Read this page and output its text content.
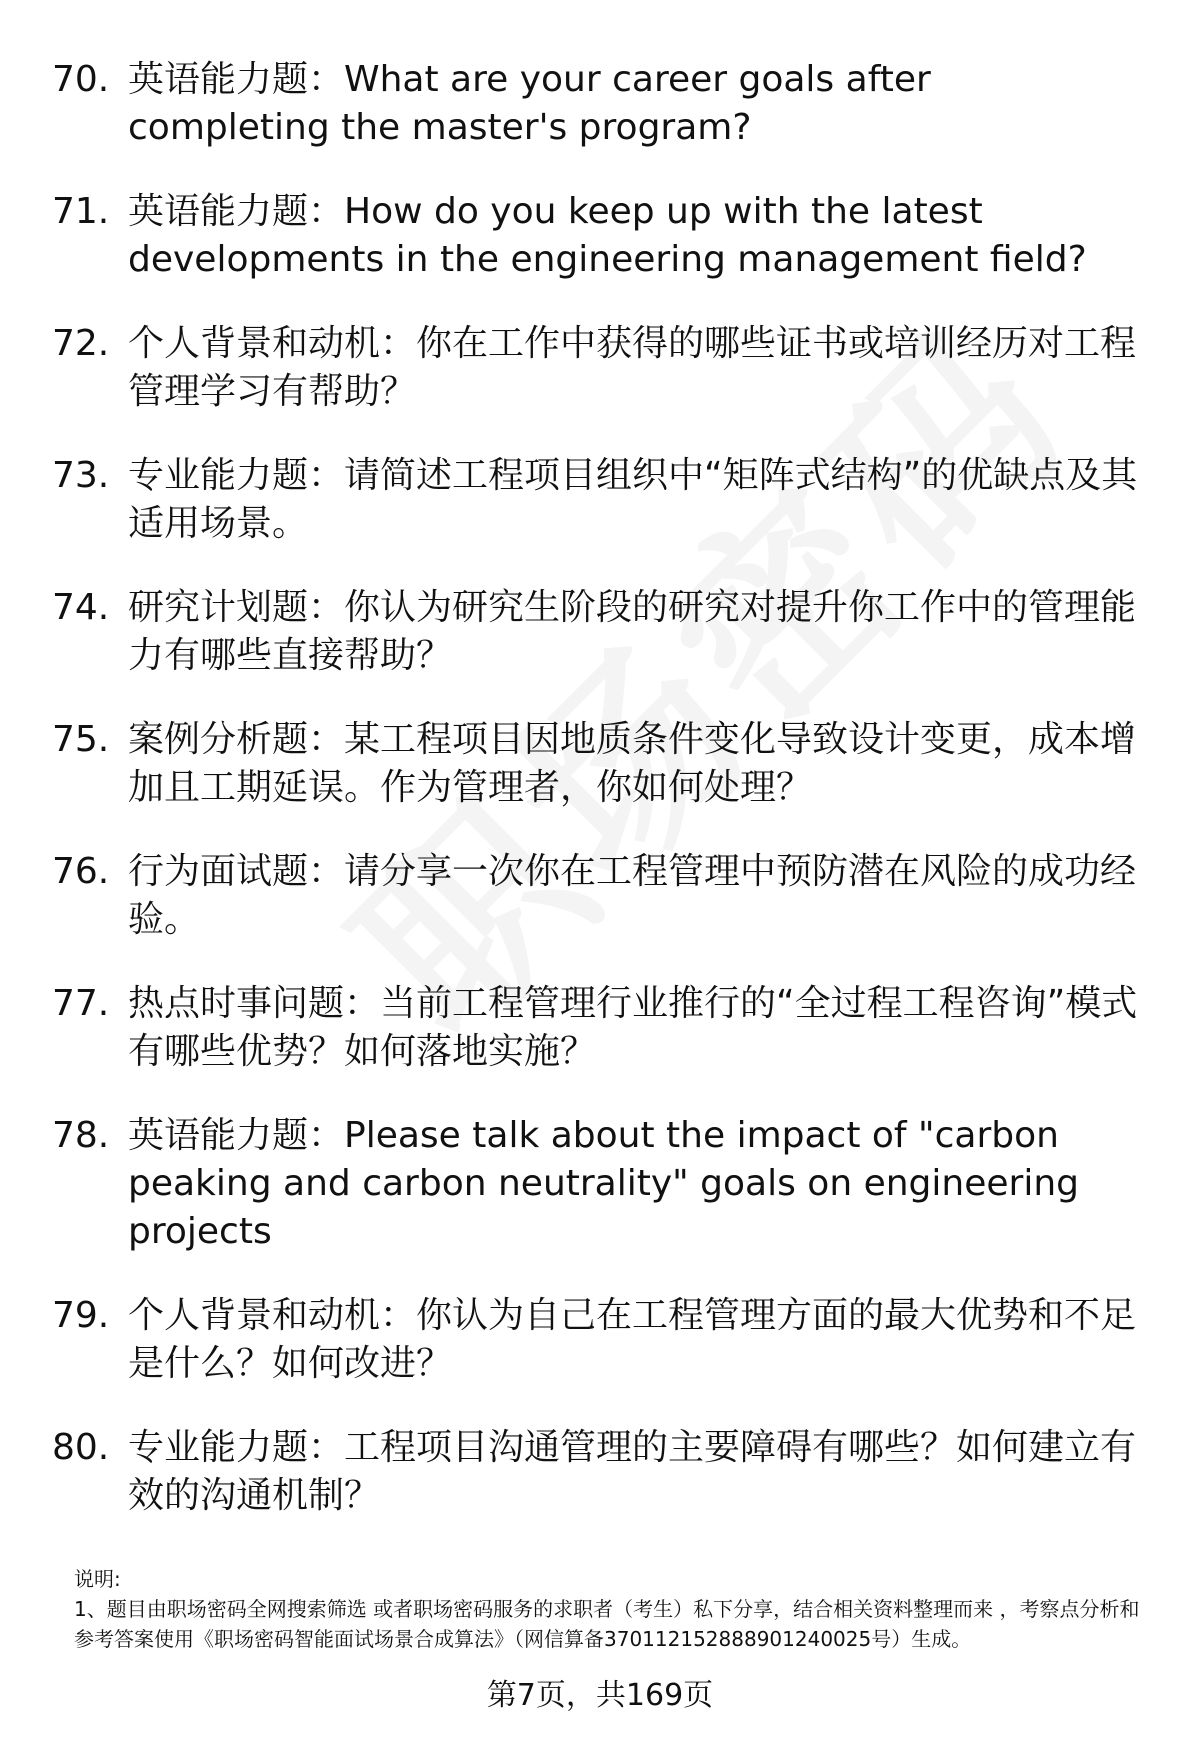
70. 英语能力题：What are your career goals after completing the master's program?
71. 英语能力题：How do you keep up with the latest developments in the engineering management field?
72. 个人背景和动机：你在工作中获得的哪些证书或培训经历对工程管理学习有帮助？
73. 专业能力题：请简述工程项目组织中“矩阵式结构”的优缺点及其适用场景。
74. 研究计划题：你认为研究生阶段的研究对提升你工作中的管理能力有哪些直接帮助？
75. 案例分析题：某工程项目因地质条件变化导致设计变更，成本增加且工期延误。作为管理者，你如何处理？
76. 行为面试题：请分享一次你在工程管理中预防潜在风险的成功经验。
77. 热点时事问题：当前工程管理行业推行的“全过程工程咨询”模式有哪些优势？如何落地实施？
78. 英语能力题：Please talk about the impact of "carbon peaking and carbon neutrality" goals on engineering projects
79. 个人背景和动机：你认为自己在工程管理方面的最大优势和不足是什么？如何改进？
80. 专业能力题：工程项目沟通管理的主要障碍有哪些？如何建立有效的沟通机制？
说明:
1、题目由职场密码全网搜索筛选 或者职场密码服务的求职者（考生）私下分享，结合相关资料整理而来 ，考察点分析和参考答案使用《职场密码智能面试场景合成算法》（网信算备370112152888901240025号）生成。
第7页，共169页
